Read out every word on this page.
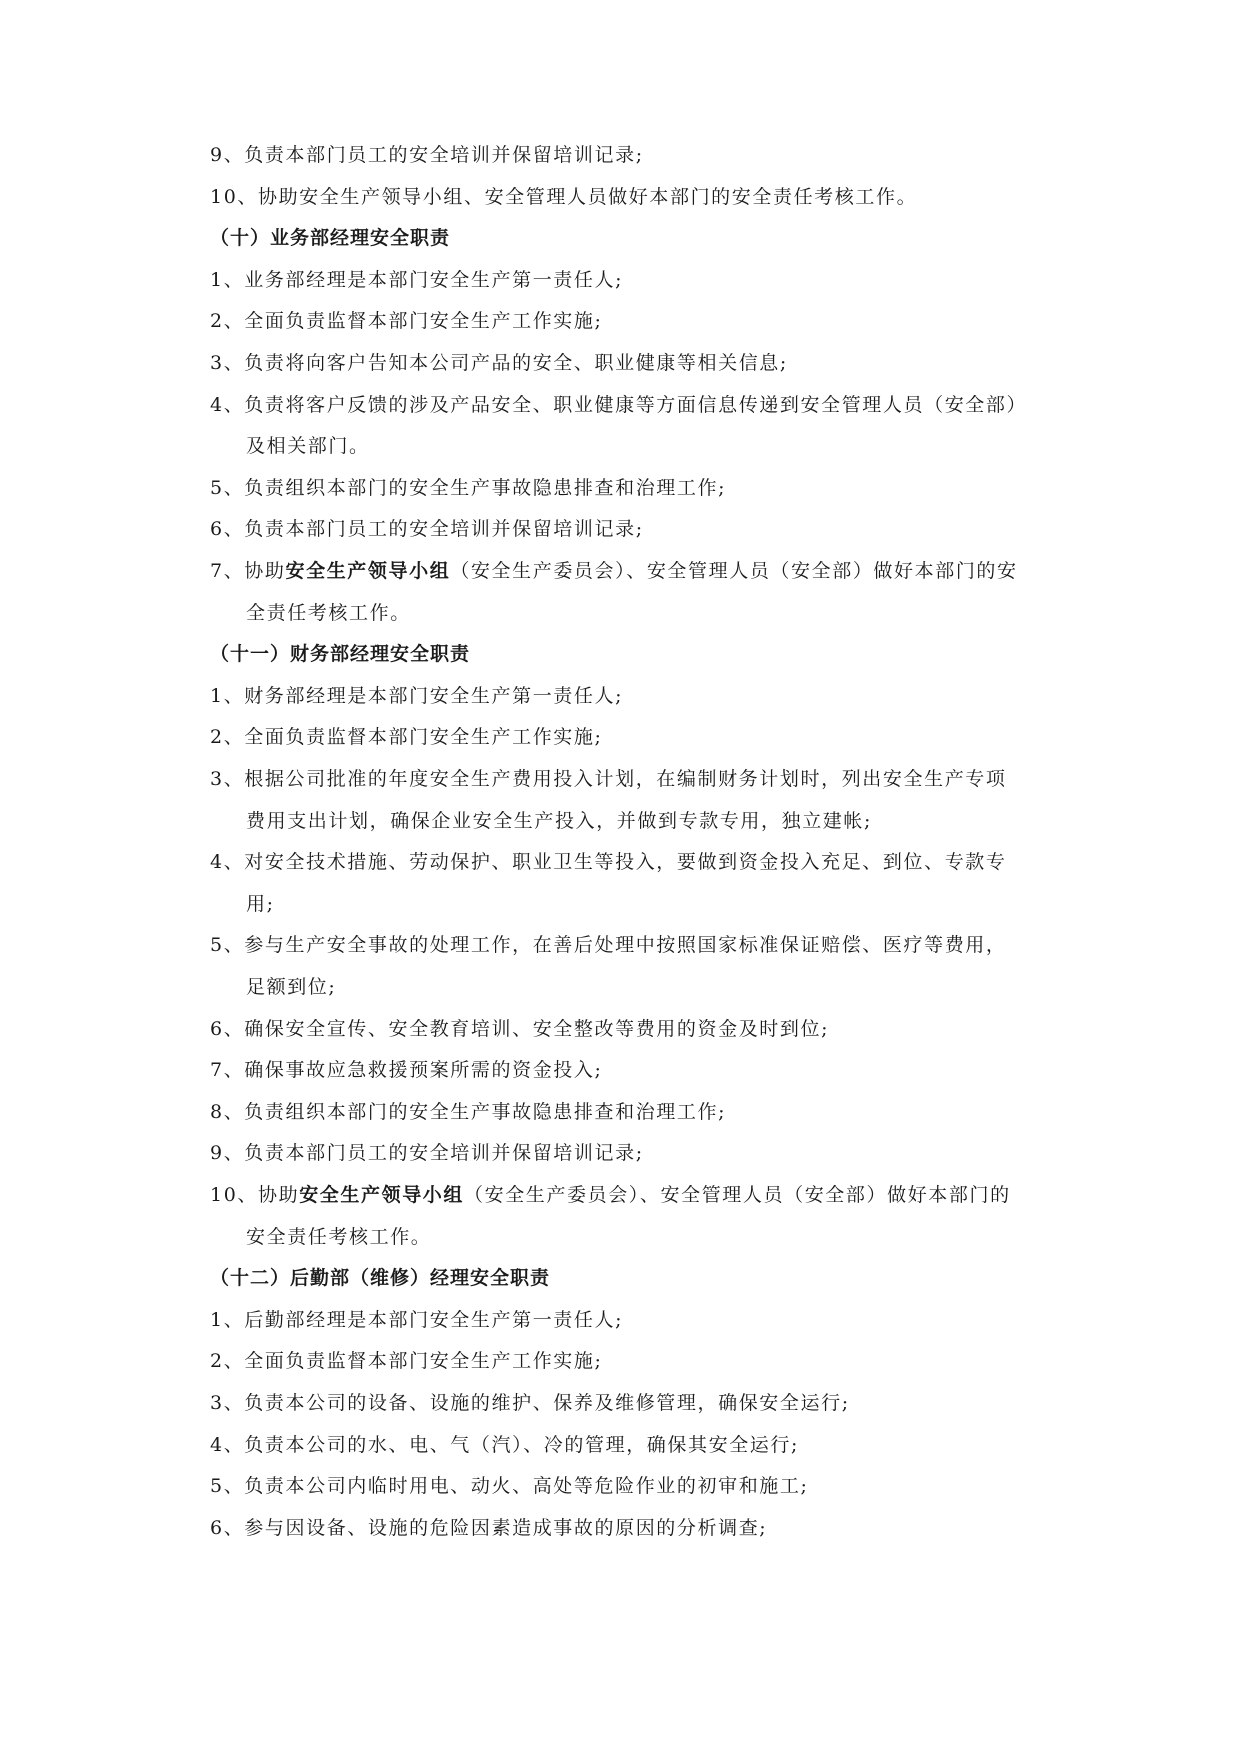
9、负责本部门员工的安全培训并保留培训记录;
10、协助安全生产领导小组、安全管理人员做好本部门的安全责任考核工作。
（十）业务部经理安全职责
1、业务部经理是本部门安全生产第一责任人;
2、全面负责监督本部门安全生产工作实施;
3、负责将向客户告知本公司产品的安全、职业健康等相关信息;
4、负责将客户反馈的涉及产品安全、职业健康等方面信息传递到安全管理人员（安全部）
及相关部门。
5、负责组织本部门的安全生产事故隐患排查和治理工作;
6、负责本部门员工的安全培训并保留培训记录;
7、协助安全生产领导小组（安全生产委员会）、安全管理人员（安全部）做好本部门的安
全责任考核工作。
（十一）财务部经理安全职责
1、财务部经理是本部门安全生产第一责任人;
2、全面负责监督本部门安全生产工作实施;
3、根据公司批准的年度安全生产费用投入计划，在编制财务计划时，列出安全生产专项
费用支出计划，确保企业安全生产投入，并做到专款专用，独立建帐;
4、对安全技术措施、劳动保护、职业卫生等投入，要做到资金投入充足、到位、专款专
用;
5、参与生产安全事故的处理工作，在善后处理中按照国家标准保证赔偿、医疗等费用，
足额到位;
6、确保安全宣传、安全教育培训、安全整改等费用的资金及时到位;
7、确保事故应急救援预案所需的资金投入;
8、负责组织本部门的安全生产事故隐患排查和治理工作;
9、负责本部门员工的安全培训并保留培训记录;
10、协助安全生产领导小组（安全生产委员会）、安全管理人员（安全部）做好本部门的
安全责任考核工作。
（十二）后勤部（维修）经理安全职责
1、后勤部经理是本部门安全生产第一责任人;
2、全面负责监督本部门安全生产工作实施;
3、负责本公司的设备、设施的维护、保养及维修管理，确保安全运行;
4、负责本公司的水、电、气（汽）、冷的管理，确保其安全运行;
5、负责本公司内临时用电、动火、高处等危险作业的初审和施工;
6、参与因设备、设施的危险因素造成事故的原因的分析调查;
